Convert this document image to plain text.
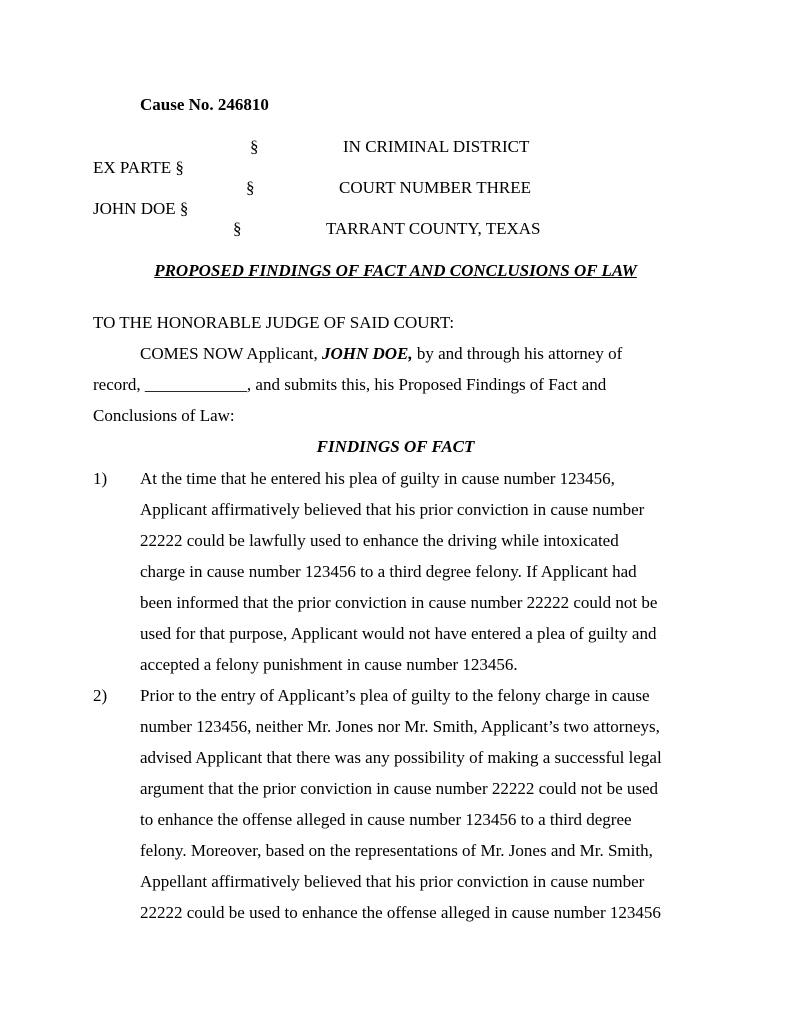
Cause No. 246810
§	IN CRIMINAL DISTRICT
EX PARTE §
§	COURT NUMBER THREE
JOHN DOE §
§	TARRANT COUNTY, TEXAS
PROPOSED FINDINGS OF FACT AND CONCLUSIONS OF LAW
TO THE HONORABLE JUDGE OF SAID COURT:
COMES NOW Applicant, JOHN DOE, by and through his attorney of
record, ____________, and submits this, his Proposed Findings of Fact and
Conclusions of Law:
FINDINGS OF FACT
1) At the time that he entered his plea of guilty in cause number 123456,
Applicant affirmatively believed that his prior conviction in cause number
22222 could be lawfully used to enhance the driving while intoxicated
charge in cause number 123456 to a third degree felony. If Applicant had
been informed that the prior conviction in cause number 22222 could not be
used for that purpose, Applicant would not have entered a plea of guilty and
accepted a felony punishment in cause number 123456.
2) Prior to the entry of Applicant’s plea of guilty to the felony charge in cause
number 123456, neither Mr. Jones nor Mr. Smith, Applicant’s two attorneys,
advised Applicant that there was any possibility of making a successful legal
argument that the prior conviction in cause number 22222 could not be used
to enhance the offense alleged in cause number 123456 to a third degree
felony. Moreover, based on the representations of Mr. Jones and Mr. Smith,
Appellant affirmatively believed that his prior conviction in cause number
22222 could be used to enhance the offense alleged in cause number 123456
